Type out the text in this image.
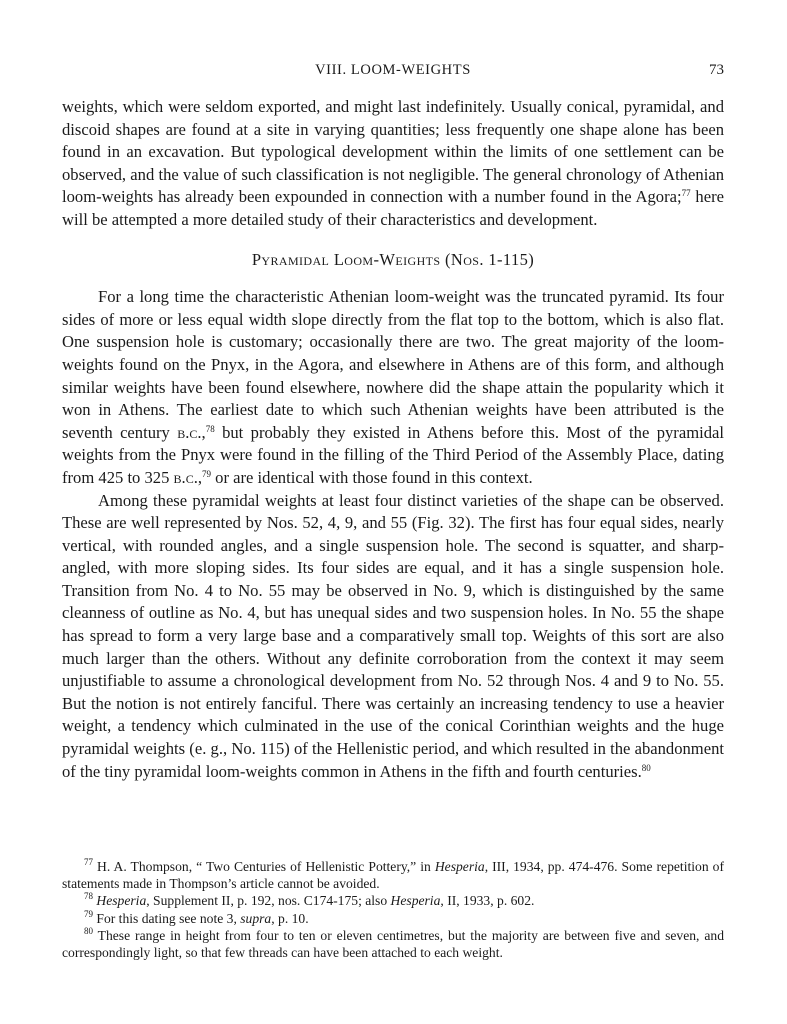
VIII. LOOM-WEIGHTS	73

weights, which were seldom exported, and might last indefinitely. Usually conical, pyramidal, and discoid shapes are found at a site in varying quantities; less frequently one shape alone has been found in an excavation. But typological development within the limits of one settlement can be observed, and the value of such classification is not negligible. The general chronology of Athenian loom-weights has already been expounded in connection with a number found in the Agora;$^{77}$ here will be attempted a more detailed study of their characteristics and development.

Pyramidal Loom-Weights (Nos. 1-115)

For a long time the characteristic Athenian loom-weight was the truncated pyramid. Its four sides of more or less equal width slope directly from the flat top to the bottom, which is also flat. One suspension hole is customary; occasionally there are two. The great majority of the loom-weights found on the Pnyx, in the Agora, and elsewhere in Athens are of this form, and although similar weights have been found elsewhere, nowhere did the shape attain the popularity which it won in Athens. The earliest date to which such Athenian weights have been attributed is the seventh century b.c.,$^{78}$ but probably they existed in Athens before this. Most of the pyramidal weights from the Pnyx were found in the filling of the Third Period of the Assembly Place, dating from 425 to 325 b.c.,$^{79}$ or are identical with those found in this context.

Among these pyramidal weights at least four distinct varieties of the shape can be observed. These are well represented by Nos. 52, 4, 9, and 55 (Fig. 32). The first has four equal sides, nearly vertical, with rounded angles, and a single suspension hole. The second is squatter, and sharp-angled, with more sloping sides. Its four sides are equal, and it has a single suspension hole. Transition from No. 4 to No. 55 may be observed in No. 9, which is distinguished by the same cleanness of outline as No. 4, but has unequal sides and two suspension holes. In No. 55 the shape has spread to form a very large base and a comparatively small top. Weights of this sort are also much larger than the others. Without any definite corroboration from the context it may seem unjustifiable to assume a chronological development from No. 52 through Nos. 4 and 9 to No. 55. But the notion is not entirely fanciful. There was certainly an increasing tendency to use a heavier weight, a tendency which culminated in the use of the conical Corinthian weights and the huge pyramidal weights (e. g., No. 115) of the Hellenistic period, and which resulted in the abandonment of the tiny pyramidal loom-weights common in Athens in the fifth and fourth centuries.$^{80}$

$^{77}$ H. A. Thompson, “ Two Centuries of Hellenistic Pottery,” in Hesperia, III, 1934, pp. 474-476. Some repetition of statements made in Thompson’s article cannot be avoided.

$^{78}$ Hesperia, Supplement II, p. 192, nos. C174-175; also Hesperia, II, 1933, p. 602.

$^{79}$ For this dating see note 3, supra, p. 10.

$^{80}$ These range in height from four to ten or eleven centimetres, but the majority are between five and seven, and correspondingly light, so that few threads can have been attached to each weight.
